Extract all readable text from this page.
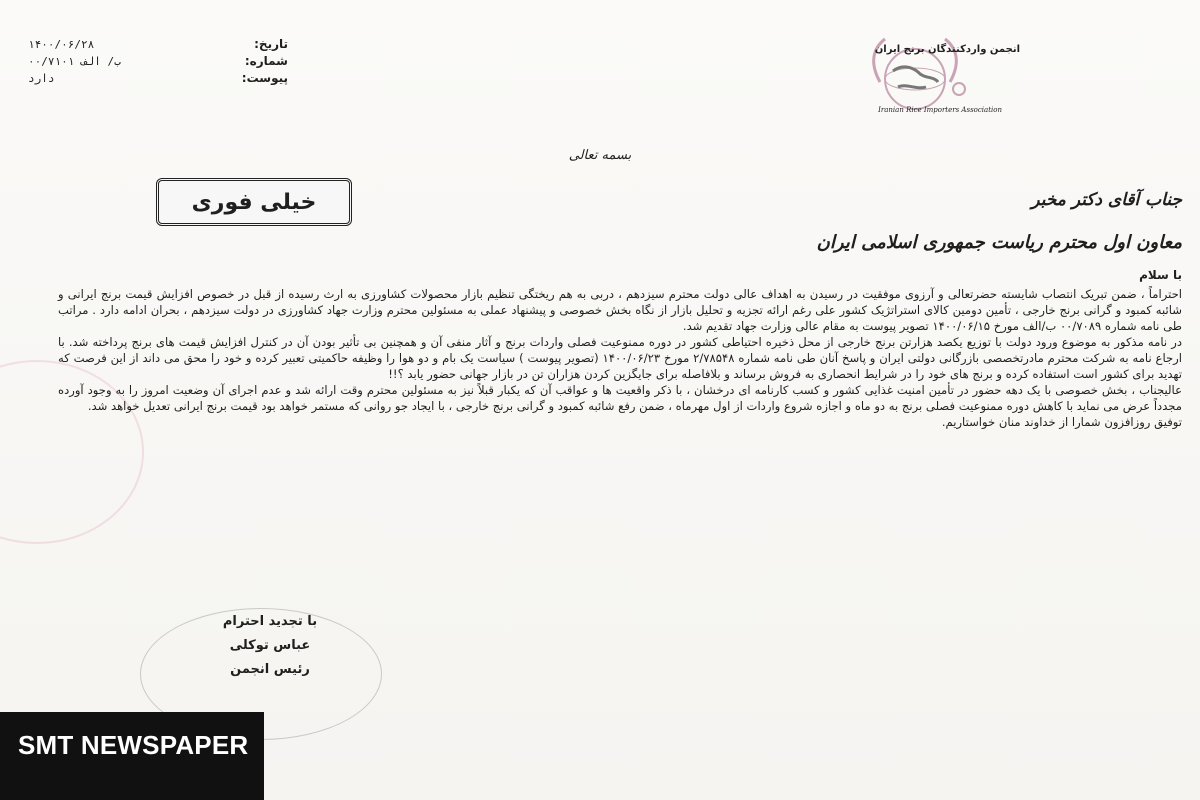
تاریخ:
۱۴۰۰/۰۶/۲۸
شماره:
۰۰/۷۱۰۱ ب/ الف
پیوست:
دارد
انجمن واردکنندگان برنج ایران
Iranian Rice Importers Association
بسمه تعالی
خیلی فوری	جناب آقای دکتر مخبر
معاون اول محترم ریاست جمهوری اسلامی ایران
با سلام

احتراماً ، ضمن تبریک انتصاب شایسته حضرتعالی و آرزوی موفقیت در رسیدن به اهداف عالی دولت محترم سیزدهم ، دربی به هم ریختگی تنظیم بازار محصولات کشاورزی به ارث رسیده از قبل در خصوص افزایش قیمت برنج ایرانی و شائبه کمبود و گرانی برنج خارجی ، تأمین دومین کالای استراتژیک کشور علی رغم ارائه تجزیه و تحلیل بازار از نگاه بخش خصوصی و پیشنهاد عملی به مسئولین محترم وزارت جهاد کشاورزی در دولت سیزدهم ، بحران ادامه دارد . مراتب طی نامه شماره ۰۰/۷۰۸۹ ب/الف مورخ ۱۴۰۰/۰۶/۱۵ تصویر پیوست به مقام عالی وزارت جهاد تقدیم شد.

در نامه مذکور به موضوع ورود دولت با توزیع یکصد هزارتن برنج خارجی از محل ذخیره احتیاطی کشور در دوره ممنوعیت فصلی واردات برنج و آثار منفی آن و همچنین بی تأثیر بودن آن در کنترل افزایش قیمت های برنج پرداخته شد. با ارجاع نامه به شرکت محترم مادرتخصصی بازرگانی دولتی ایران و پاسخ آنان طی نامه شماره ۲/۷۸۵۴۸ مورخ ۱۴۰۰/۰۶/۲۳ (تصویر پیوست ) سیاست یک بام و دو هوا را وظیفه حاکمیتی تعبیر کرده و خود را محق می داند از این فرصت که تهدید برای کشور است استفاده کرده و برنج های خود را در شرایط انحصاری به فروش برساند و بلافاصله برای جایگزین کردن هزاران تن در بازار جهانی حضور یابد ؟!!

عالیجناب ، بخش خصوصی با یک دهه حضور در تأمین امنیت غذایی کشور و کسب کارنامه ای درخشان ، با ذکر واقعیت ها و عواقب آن که یکبار قبلاً نیز به مسئولین محترم وقت ارائه شد و عدم اجرای آن وضعیت امروز را به وجود آورده مجدداً عرض می نماید با کاهش دوره ممنوعیت فصلی برنج به دو ماه و اجازه شروع واردات از اول مهرماه ، ضمن رفع شائبه کمبود و گرانی برنج خارجی ، با ایجاد جو روانی که مستمر خواهد بود قیمت برنج ایرانی تعدیل خواهد شد.

توفیق روزافزون شمارا از خداوند منان خواستاریم.

با تجدید احترام
عباس توکلی
رئیس انجمن
SMT NEWSPAPER
